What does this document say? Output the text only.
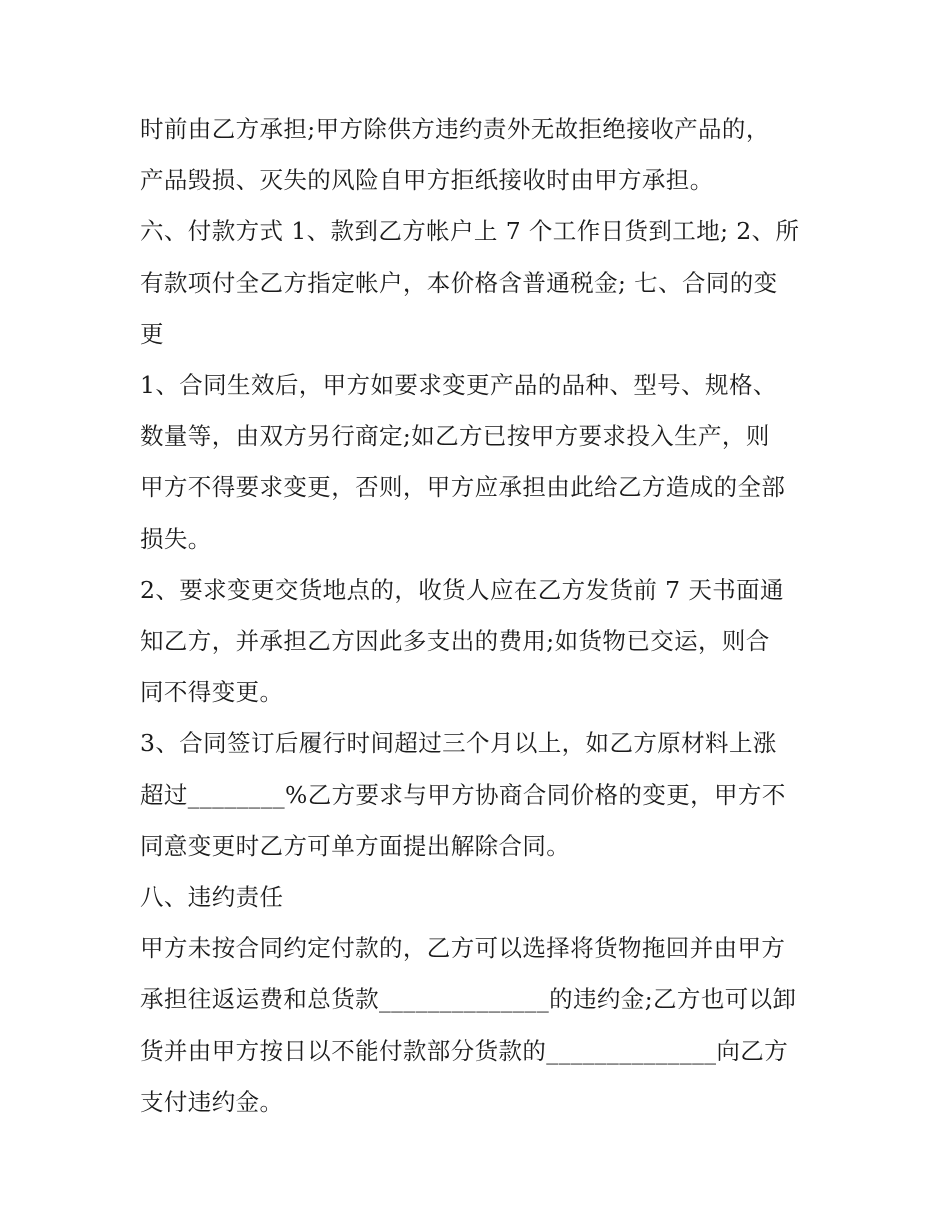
时前由乙方承担;甲方除供方违约责外无故拒绝接收产品的，
产品毁损、灭失的风险自甲方拒纸接收时由甲方承担。

六、付款方式 1、款到乙方帐户上 7 个工作日货到工地; 2、所
有款项付全乙方指定帐户，本价格含普通税金; 七、合同的变
更

1、合同生效后，甲方如要求变更产品的品种、型号、规格、
数量等，由双方另行商定;如乙方已按甲方要求投入生产，则
甲方不得要求变更，否则，甲方应承担由此给乙方造成的全部
损失。

2、要求变更交货地点的，收货人应在乙方发货前 7 天书面通
知乙方，并承担乙方因此多支出的费用;如货物已交运，则合
同不得变更。

3、合同签订后履行时间超过三个月以上，如乙方原材料上涨
超过________%乙方要求与甲方协商合同价格的变更，甲方不
同意变更时乙方可单方面提出解除合同。

八、违约责任

甲方未按合同约定付款的，乙方可以选择将货物拖回并由甲方
承担往返运费和总货款______________的违约金;乙方也可以卸
货并由甲方按日以不能付款部分货款的______________向乙方
支付违约金。
